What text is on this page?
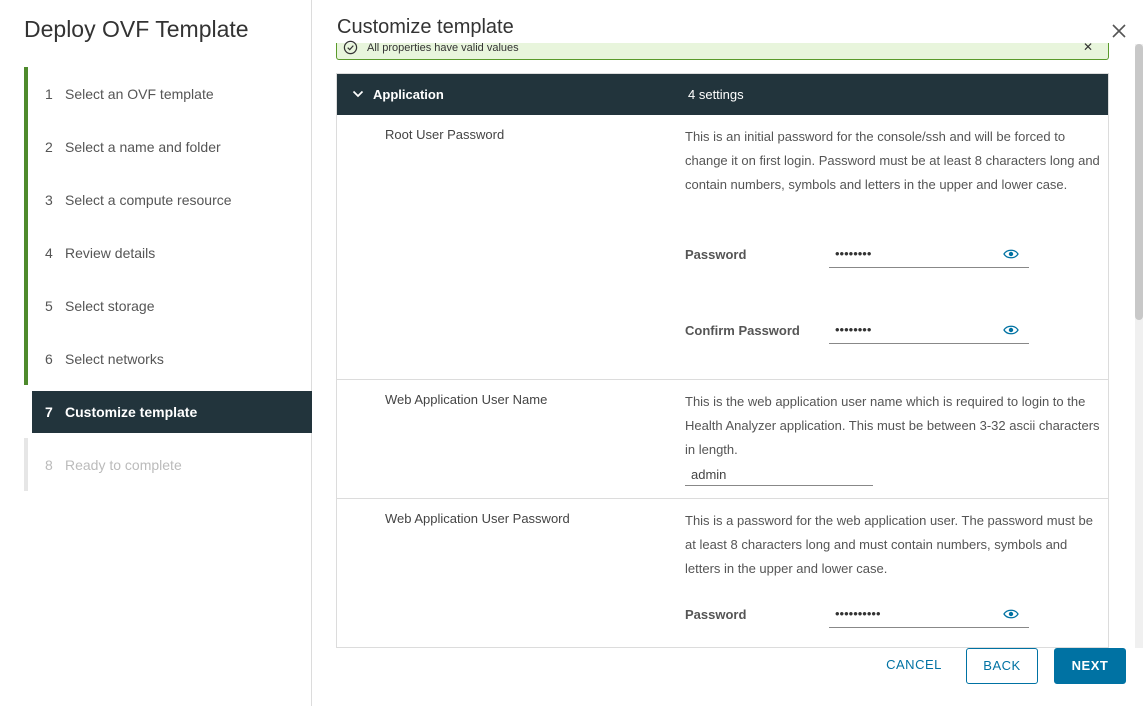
Deploy OVF Template
1 Select an OVF template
2 Select a name and folder
3 Select a compute resource
4 Review details
5 Select storage
6 Select networks
7 Customize template
8 Ready to complete
Customize template
All properties have valid values	✕
Application	4 settings
Root User Password	This is an initial password for the console/ssh and will be forced to change it on first login. Password must be at least 8 characters long and contain numbers, symbols and letters in the upper and lower case.
Password	••••••••
Confirm Password	••••••••
Web Application User Name	This is the web application user name which is required to login to the Health Analyzer application. This must be between 3-32 ascii characters in length.
admin
Web Application User Password	This is a password for the web application user. The password must be at least 8 characters long and must contain numbers, symbols and letters in the upper and lower case.
Password	••••••••••
CANCEL	BACK	NEXT
